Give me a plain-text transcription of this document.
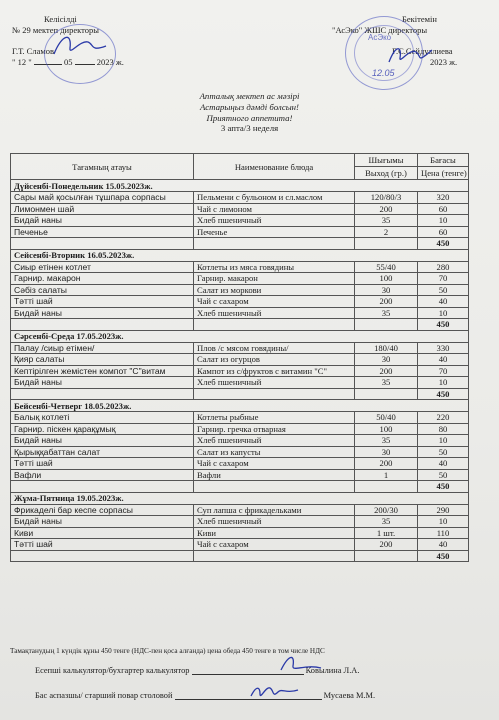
Келісілді
№ 29 мектеп директоры
Г.Т. Сламов
" 12 "	05	2023 ж.
Бекітемін
"АсЭко" ЖШС директоры
Г.С.Сейдуалиева
2023 ж.
АсЭко
12.05
Апталық мектеп ас мәзірі
Астарыңыз дәмді болсын!
Приятного аппетита!
3 апта/3 неделя
Тағамның атауы	Наименование блюда	Шығымы	Бағасы
		Выход (гр.)	Цена (тенге)
Дүйсенбі-Понедельник 15.05.2023ж.			
Сары май қосылған тұшпара сорпасы	Пельмени с бульоном и сл.маслом	120/80/3	320
Лимонмен шай	Чай с лимоном	200	60
Бидай наны	Хлеб пшеничный	35	10
Печенье	Печенье	2	60
			450
Сейсенбі-Вторник 16.05.2023ж.			
Сиыр етінен котлет	Котлеты из мяса говядины	55/40	280
Гарнир. макарон	Гарнир. макарон	100	70
Сәбіз салаты	Салат из моркови	30	50
Тәтті шай	Чай с сахаром	200	40
Бидай наны	Хлеб пшеничный	35	10
			450
Сәрсенбі-Среда 17.05.2023ж.			
Палау /сиыр етімен/	Плов /с мясом говядины/	180/40	330
Қияр салаты	Салат из огурцов	30	40
Кептірілген жемістен компот "С"витам	Кампот из с/фруктов с витамин "С"	200	70
Бидай наны	Хлеб пшеничный	35	10
			450
Бейсенбі-Четверг 18.05.2023ж.			
Балық котлеті	Котлеты рыбные	50/40	220
Гарнир. піскен қарақұмық	Гарнир. гречка отварная	100	80
Бидай наны	Хлеб пшеничный	35	10
Қырыққабаттан салат	Салат из капусты	30	50
Тәтті шай	Чай с сахаром	200	40
Вафли	Вафли	1	50
			450
Жұма-Пятница 19.05.2023ж.			
Фрикаделі бар кеспе сорпасы	Суп лапша с фрикадельками	200/30	290
Бидай наны	Хлеб пшеничный	35	10
Киви	Киви	1 шт.	110
Тәтті шай	Чай с сахаром	200	40
			450
Тамақтанудың 1 күндік құны 450 тенге (НДС-пен қоса алғанда) цена обеда 450 тенге в том числе НДС
Есепші калькулятор/бухгартер калькулятор	Ковылина Л.А.
Бас аспазшы/ старший повар столовой	Мусаева М.М.
